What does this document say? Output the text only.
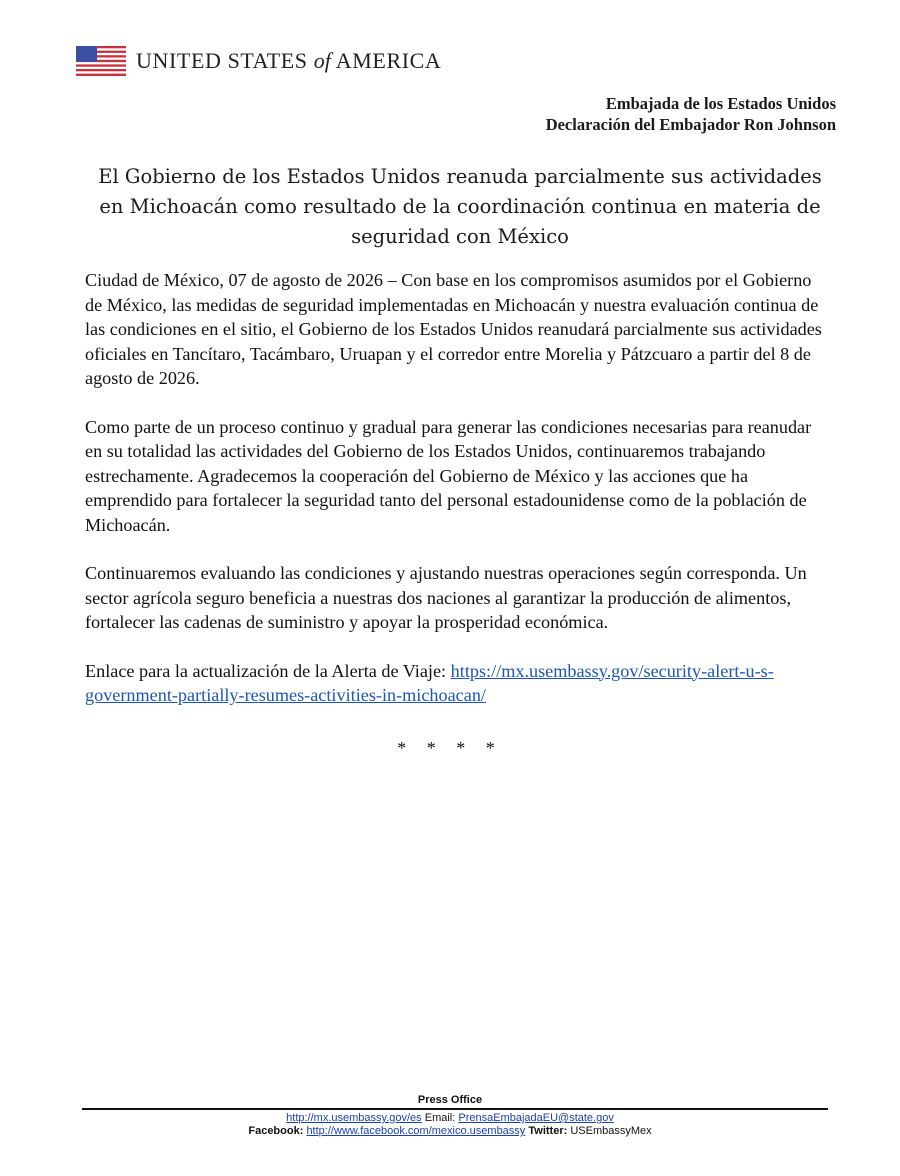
UNITED STATES of AMERICA
Embajada de los Estados Unidos
Declaración del Embajador Ron Johnson
El Gobierno de los Estados Unidos reanuda parcialmente sus actividades en Michoacán como resultado de la coordinación continua en materia de seguridad con México

Ciudad de México, 07 de agosto de 2026 – Con base en los compromisos asumidos por el Gobierno de México, las medidas de seguridad implementadas en Michoacán y nuestra evaluación continua de las condiciones en el sitio, el Gobierno de los Estados Unidos reanudará parcialmente sus actividades oficiales en Tancítaro, Tacámbaro, Uruapan y el corredor entre Morelia y Pátzcuaro a partir del 8 de agosto de 2026.

Como parte de un proceso continuo y gradual para generar las condiciones necesarias para reanudar en su totalidad las actividades del Gobierno de los Estados Unidos, continuaremos trabajando estrechamente. Agradecemos la cooperación del Gobierno de México y las acciones que ha emprendido para fortalecer la seguridad tanto del personal estadounidense como de la población de Michoacán.

Continuaremos evaluando las condiciones y ajustando nuestras operaciones según corresponda. Un sector agrícola seguro beneficia a nuestras dos naciones al garantizar la producción de alimentos, fortalecer las cadenas de suministro y apoyar la prosperidad económica.

Enlace para la actualización de la Alerta de Viaje: https://mx.usembassy.gov/security-alert-u-s-government-partially-resumes-activities-in-michoacan/

* * * *
Press Office
http://mx.usembassy.gov/es Email: PrensaEmbajadaEU@state.gov
Facebook: http://www.facebook.com/mexico.usembassy Twitter: USEmbassyMex
